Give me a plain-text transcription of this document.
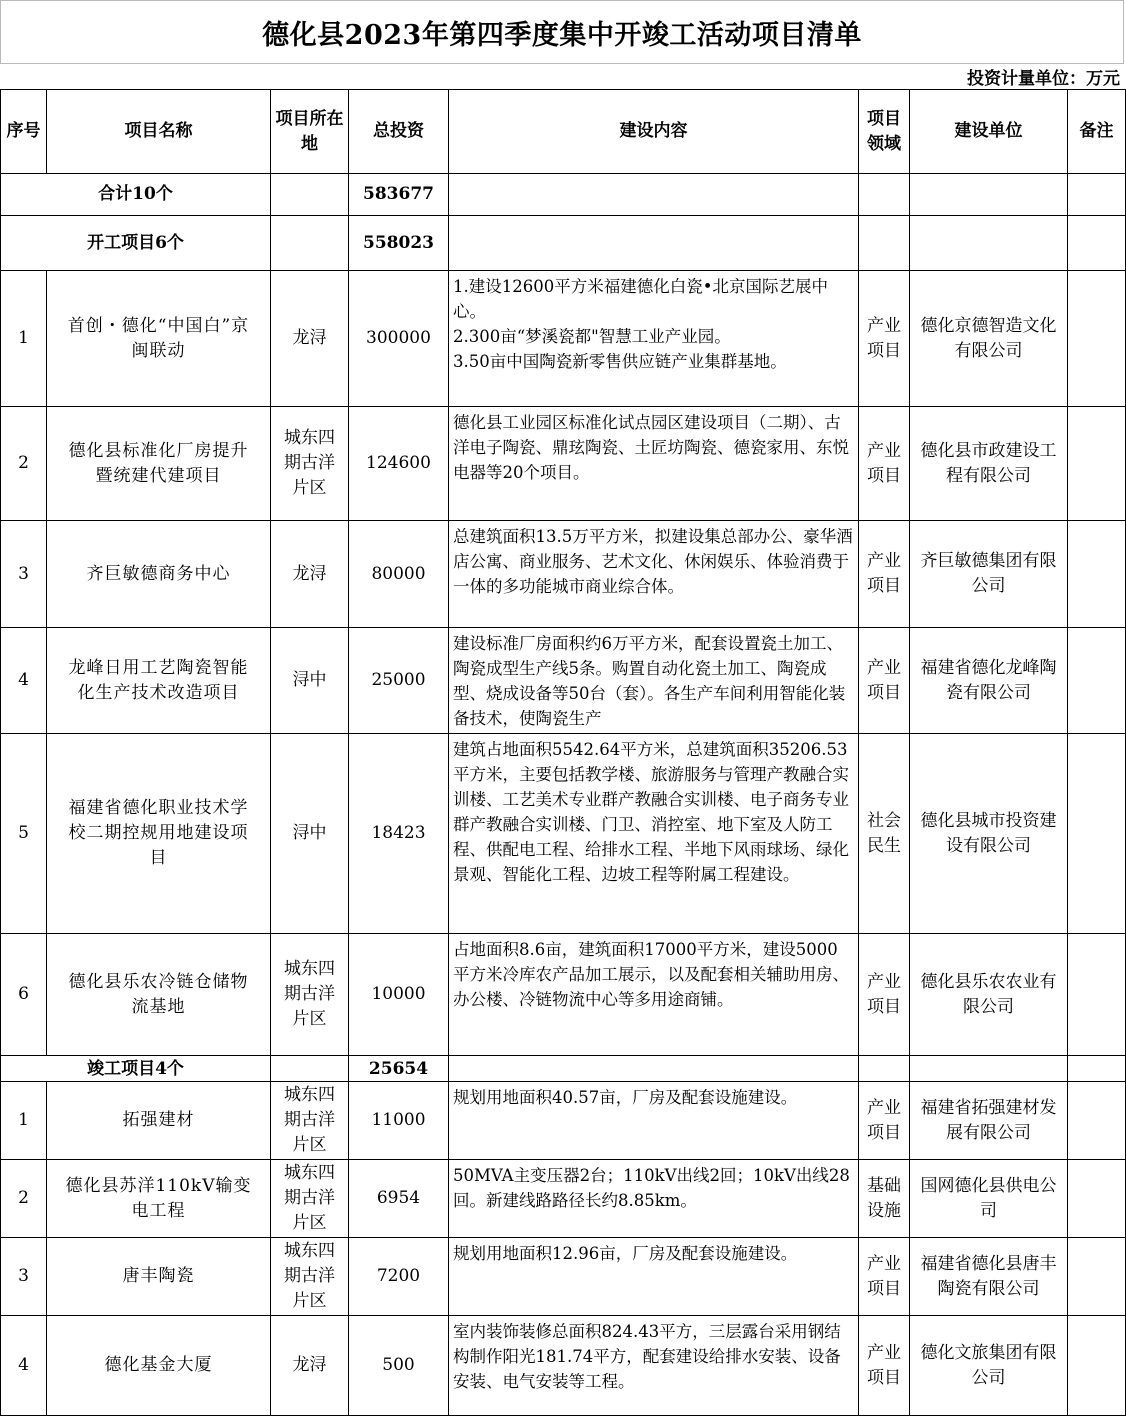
德化县2023年第四季度集中开竣工活动项目清单
投资计量单位：万元
序号	项目名称	项目所在地	总投资	建设内容	项目领域	建设单位	备注
合计10个			583677				
开工项目6个			558023				
1	首创・德化“中国白”京闽联动	龙浔	300000	1.建设12600平方米福建德化白瓷•北京国际艺展中心。
2.300亩“梦溪瓷都"智慧工业产业园。
3.50亩中国陶瓷新零售供应链产业集群基地。	产业项目	德化京德智造文化有限公司	
2	德化县标准化厂房提升暨统建代建项目	城东四期古洋片区	124600	德化县工业园区标准化试点园区建设项目（二期）、古洋电子陶瓷、鼎玹陶瓷、土匠坊陶瓷、德瓷家用、东悦电器等20个项目。	产业项目	德化县市政建设工程有限公司	
3	齐巨敏德商务中心	龙浔	80000	总建筑面积13.5万平方米，拟建设集总部办公、豪华酒店公寓、商业服务、艺术文化、休闲娱乐、体验消费于一体的多功能城市商业综合体。	产业项目	齐巨敏德集团有限公司	
4	龙峰日用工艺陶瓷智能化生产技术改造项目	浔中	25000	建设标准厂房面积约6万平方米，配套设置瓷土加工、陶瓷成型生产线5条。购置自动化瓷土加工、陶瓷成型、烧成设备等50台（套）。各生产车间利用智能化装备技术，使陶瓷生产	产业项目	福建省德化龙峰陶瓷有限公司	
5	福建省德化职业技术学校二期控规用地建设项目	浔中	18423	建筑占地面积5542.64平方米，总建筑面积35206.53平方米，主要包括教学楼、旅游服务与管理产教融合实训楼、工艺美术专业群产教融合实训楼、电子商务专业群产教融合实训楼、门卫、消控室、地下室及人防工程、供配电工程、给排水工程、半地下风雨球场、绿化景观、智能化工程、边坡工程等附属工程建设。	社会民生	德化县城市投资建设有限公司	
6	德化县乐农冷链仓储物流基地	城东四期古洋片区	10000	占地面积8.6亩，建筑面积17000平方米，建设5000平方米冷库农产品加工展示，以及配套相关辅助用房、办公楼、冷链物流中心等多用途商铺。	产业项目	德化县乐农农业有限公司	
竣工项目4个			25654				
1	拓强建材	城东四期古洋片区	11000	规划用地面积40.57亩，厂房及配套设施建设。	产业项目	福建省拓强建材发展有限公司	
2	德化县苏洋110kV输变电工程	城东四期古洋片区	6954	50MVA主变压器2台；110kV出线2回；10kV出线28回。新建线路路径长约8.85km。	基础设施	国网德化县供电公司	
3	唐丰陶瓷	城东四期古洋片区	7200	规划用地面积12.96亩，厂房及配套设施建设。	产业项目	福建省德化县唐丰陶瓷有限公司	
4	德化基金大厦	龙浔	500	室内装饰装修总面积824.43平方，三层露台采用钢结构制作阳光181.74平方，配套建设给排水安装、设备安装、电气安装等工程。	产业项目	德化文旅集团有限公司	
